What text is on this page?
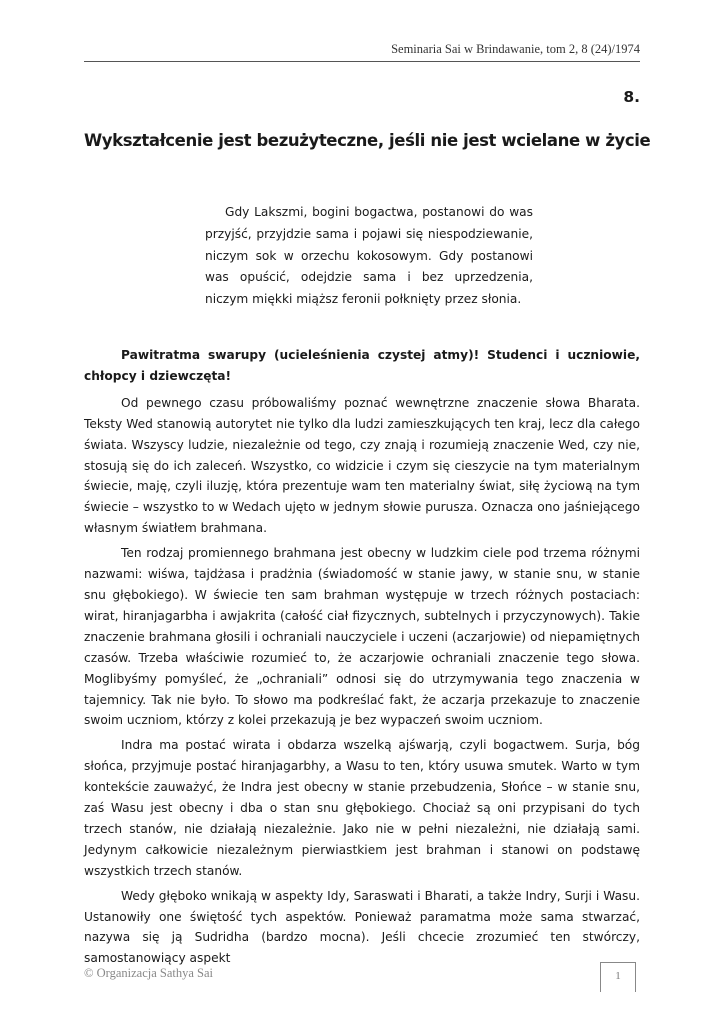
Seminaria Sai w Brindawanie, tom 2, 8 (24)/1974
8.
Wykształcenie jest bezużyteczne, jeśli nie jest wcielane w życie
Gdy Lakszmi, bogini bogactwa, postanowi do was przyjść, przyjdzie sama i pojawi się niespodziewanie, niczym sok w orzechu kokosowym. Gdy postanowi was opuścić, odejdzie sama i bez uprzedzenia, niczym miękki miąższ feronii połknięty przez słonia.

Pawitratma swarupy (ucieleśnienia czystej atmy)! Studenci i uczniowie, chłopcy i dziewczęta!

Od pewnego czasu próbowaliśmy poznać wewnętrzne znaczenie słowa Bharata. Teksty Wed stanowią autorytet nie tylko dla ludzi zamieszkujących ten kraj, lecz dla całego świata. Wszyscy ludzie, niezależnie od tego, czy znają i rozumieją znaczenie Wed, czy nie, stosują się do ich zaleceń. Wszystko, co widzicie i czym się cieszycie na tym materialnym świecie, maję, czyli iluzję, która prezentuje wam ten materialny świat, siłę życiową na tym świecie – wszystko to w Wedach ujęto w jednym słowie purusza. Oznacza ono jaśniejącego własnym światłem brahmana.

Ten rodzaj promiennego brahmana jest obecny w ludzkim ciele pod trzema różnymi nazwami: wiśwa, tajdżasa i pradżnia (świadomość w stanie jawy, w stanie snu, w stanie snu głębokiego). W świecie ten sam brahman występuje w trzech różnych postaciach: wirat, hiranjagarbha i awjakrita (całość ciał fizycznych, subtelnych i przyczynowych). Takie znaczenie brahmana głosili i ochraniali nauczyciele i uczeni (aczarjowie) od niepamiętnych czasów. Trzeba właściwie rozumieć to, że aczarjowie ochraniali znaczenie tego słowa. Moglibyśmy pomyśleć, że „ochraniali” odnosi się do utrzymywania tego znaczenia w tajemnicy. Tak nie było. To słowo ma podkreślać fakt, że aczarja przekazuje to znaczenie swoim uczniom, którzy z kolei przekazują je bez wypaczeń swoim uczniom.

Indra ma postać wirata i obdarza wszelką ajśwarją, czyli bogactwem. Surja, bóg słońca, przyjmuje postać hiranjagarbhy, a Wasu to ten, który usuwa smutek. Warto w tym kontekście zauważyć, że Indra jest obecny w stanie przebudzenia, Słońce – w stanie snu, zaś Wasu jest obecny i dba o stan snu głębokiego. Chociaż są oni przypisani do tych trzech stanów, nie działają niezależnie. Jako nie w pełni niezależni, nie działają sami. Jedynym całkowicie niezależnym pierwiastkiem jest brahman i stanowi on podstawę wszystkich trzech stanów.

Wedy głęboko wnikają w aspekty Idy, Saraswati i Bharati, a także Indry, Surji i Wasu. Ustanowiły one świętość tych aspektów. Ponieważ paramatma może sama stwarzać, nazywa się ją Sudridha (bardzo mocna). Jeśli chcecie zrozumieć ten stwórczy, samostanowiący aspekt

© Organizacja Sathya Sai	1
